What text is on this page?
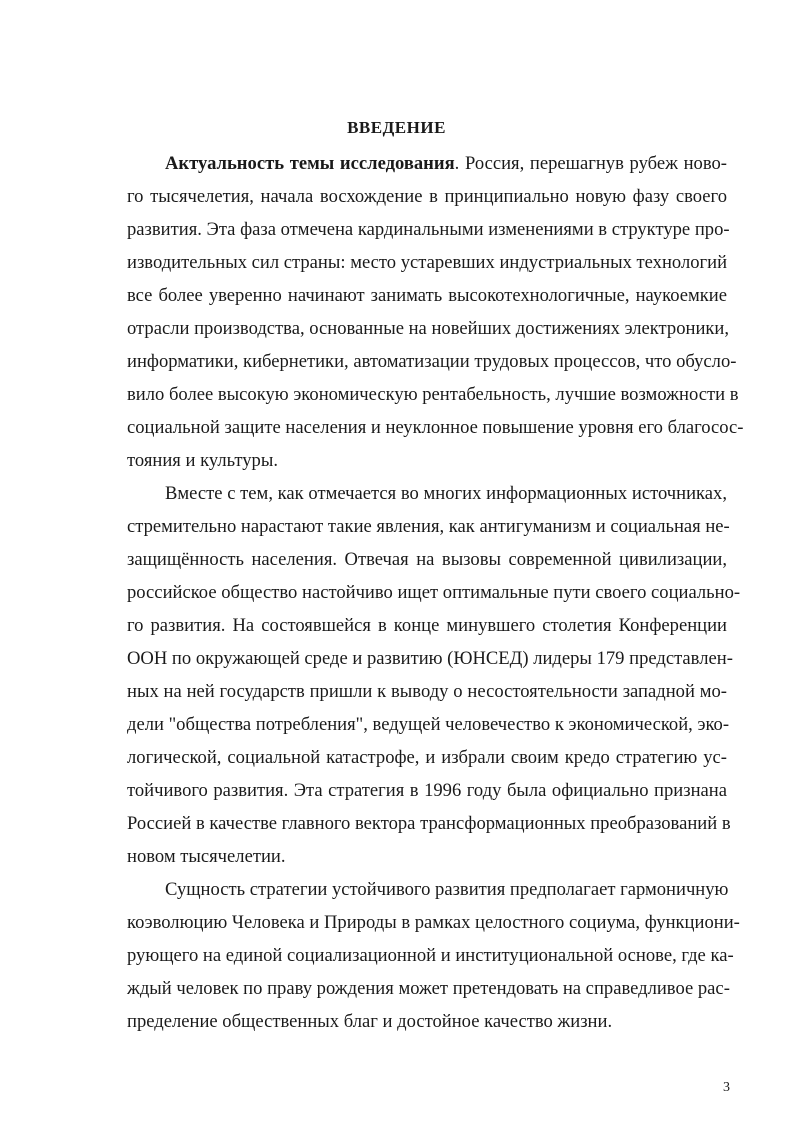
ВВЕДЕНИЕ
Актуальность темы исследования. Россия, перешагнув рубеж ново-
го тысячелетия, начала восхождение в принципиально новую фазу своего
развития. Эта фаза отмечена кардинальными изменениями в структуре про-
изводительных сил страны: место устаревших индустриальных технологий
все более уверенно начинают занимать высокотехнологичные, наукоемкие
отрасли производства, основанные на новейших достижениях электроники,
информатики, кибернетики, автоматизации трудовых процессов, что обусло-
вило более высокую экономическую рентабельность, лучшие возможности в
социальной защите населения и неуклонное повышение уровня его благосос-
тояния и культуры.
Вместе с тем, как отмечается во многих информационных источниках,
стремительно нарастают такие явления, как антигуманизм и социальная не-
защищённость населения. Отвечая на вызовы современной цивилизации,
российское общество настойчиво ищет оптимальные пути своего социально-
го развития. На состоявшейся в конце минувшего столетия Конференции
ООН по окружающей среде и развитию (ЮНСЕД) лидеры 179 представлен-
ных на ней государств пришли к выводу о несостоятельности западной мо-
дели "общества потребления", ведущей человечество к экономической, эко-
логической, социальной катастрофе, и избрали своим кредо стратегию ус-
тойчивого развития. Эта стратегия в 1996 году была официально признана
Россией в качестве главного вектора трансформационных преобразований в
новом тысячелетии.
Сущность стратегии устойчивого развития предполагает гармоничную
коэволюцию Человека и Природы в рамках целостного социума, функциони-
рующего на единой социализационной и институциональной основе, где ка-
ждый человек по праву рождения может претендовать на справедливое рас-
пределение общественных благ и достойное качество жизни.
3
